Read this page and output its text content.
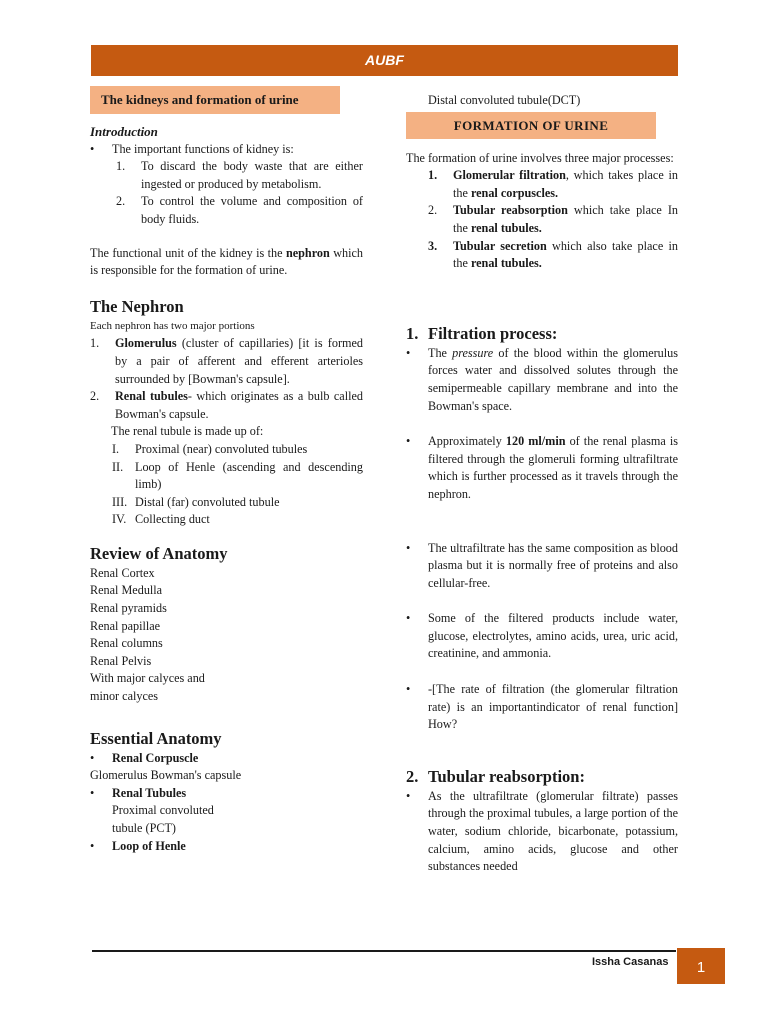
AUBF
The kidneys and formation of urine
Introduction
•	The important functions of kidney is:
1.	To discard the body waste that are either ingested or produced by metabolism.
2.	To control the volume and composition of body fluids.
The functional unit of the kidney is the nephron which is responsible for the formation of urine.
The Nephron
Each nephron has two major portions
1.	Glomerulus (cluster of capillaries) [it is formed by a pair of afferent and efferent arterioles surrounded by [Bowman's capsule].
2.	Renal tubules- which originates as a bulb called Bowman's capsule.
The renal tubule is made up of:
I.	Proximal (near) convoluted tubules
II. Loop of Henle (ascending and descending limb)
III. Distal (far) convoluted tubule
IV. Collecting duct
Review of Anatomy
Renal Cortex
Renal Medulla
Renal pyramids
Renal papillae
Renal columns
Renal Pelvis
With major calyces and
minor calyces
Essential Anatomy
•	Renal Corpuscle
Glomerulus Bowman's capsule
•	Renal Tubules
Proximal convoluted
tubule (PCT)
•	Loop of Henle
Distal convoluted tubule(DCT)
FORMATION OF URINE
The formation of urine involves three major processes:
1.	Glomerular filtration, which takes place in the renal corpuscles.
2.	Tubular reabsorption which take place In the renal tubules.
3.	Tubular secretion which also take place in the renal tubules.
1. Filtration process:
•	The pressure of the blood within the glomerulus forces water and dissolved solutes through the semipermeable capillary membrane and into the Bowman's space.
•	Approximately 120 ml/min of the renal plasma is filtered through the glomeruli forming ultrafiltrate which is further processed as it travels through the nephron.
•	The ultrafiltrate has the same composition as blood plasma but it is normally free of proteins and also cellular-free.
•	Some of the filtered products include water, glucose, electrolytes, amino acids, urea, uric acid, creatinine, and ammonia.
•	-[The rate of filtration (the glomerular filtration rate) is an importantindicator of renal function] How?
2. Tubular reabsorption:
•	As the ultrafiltrate (glomerular filtrate) passes through the proximal tubules, a large portion of the water, sodium chloride, bicarbonate, potassium, calcium, amino acids, glucose and other substances needed
Issha Casanas	1
